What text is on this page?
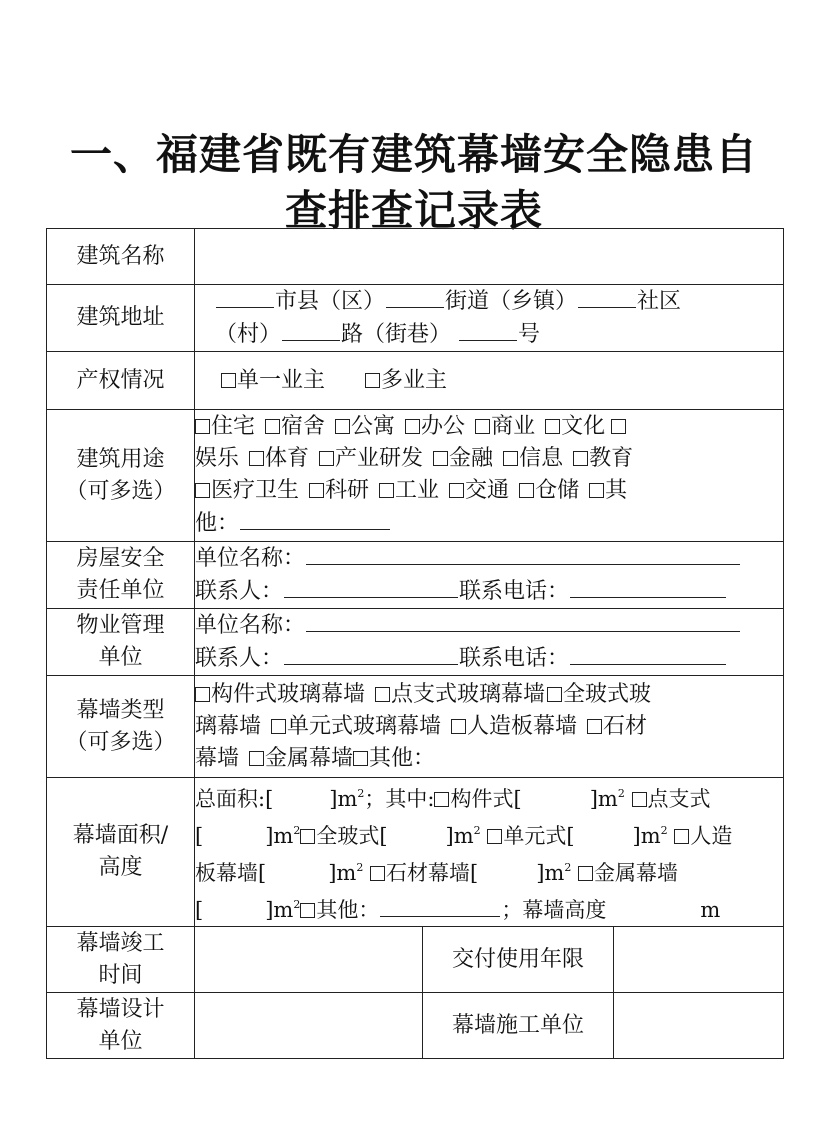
一、福建省既有建筑幕墙安全隐患自
查排查记录表
建筑名称			
建筑地址	市县（区） 街道（乡镇） 社区
（村） 路（街巷） 号		

产权情况	单一业主 多业主		

建筑用途
（可多选）	住宅 宿舍 公寓 办公 商业 文化
娱乐 体育 产业研发 金融 信息 教育
医疗卫生 科研 工业 交通 仓储 其
他：		

房屋安全
责任单位	单位名称：
联系人： 联系电话：		

物业管理
单位	单位名称：
联系人： 联系电话：		

幕墙类型
（可多选）	构件式玻璃幕墙 点支式玻璃幕墙 全玻式玻
璃幕墙 单元式玻璃幕墙 人造板幕墙 石材
幕墙 金属幕墙 其他：		

幕墙面积/
高度	总面积:[ ]$m^2$；其中: 构件式[ ]$m^2$ 点支式
[ ]$m^2$ 全玻式[ ]$m^2$ 单元式[ ]$m^2$ 人造
板幕墙[ ]$m^2$ 石材幕墙[ ]$m^2$ 金属幕墙
[ ]$m^2$ 其他： ；幕墙高度 m		

幕墙竣工
时间		交付使用年限	

幕墙设计
单位		幕墙施工单位	
